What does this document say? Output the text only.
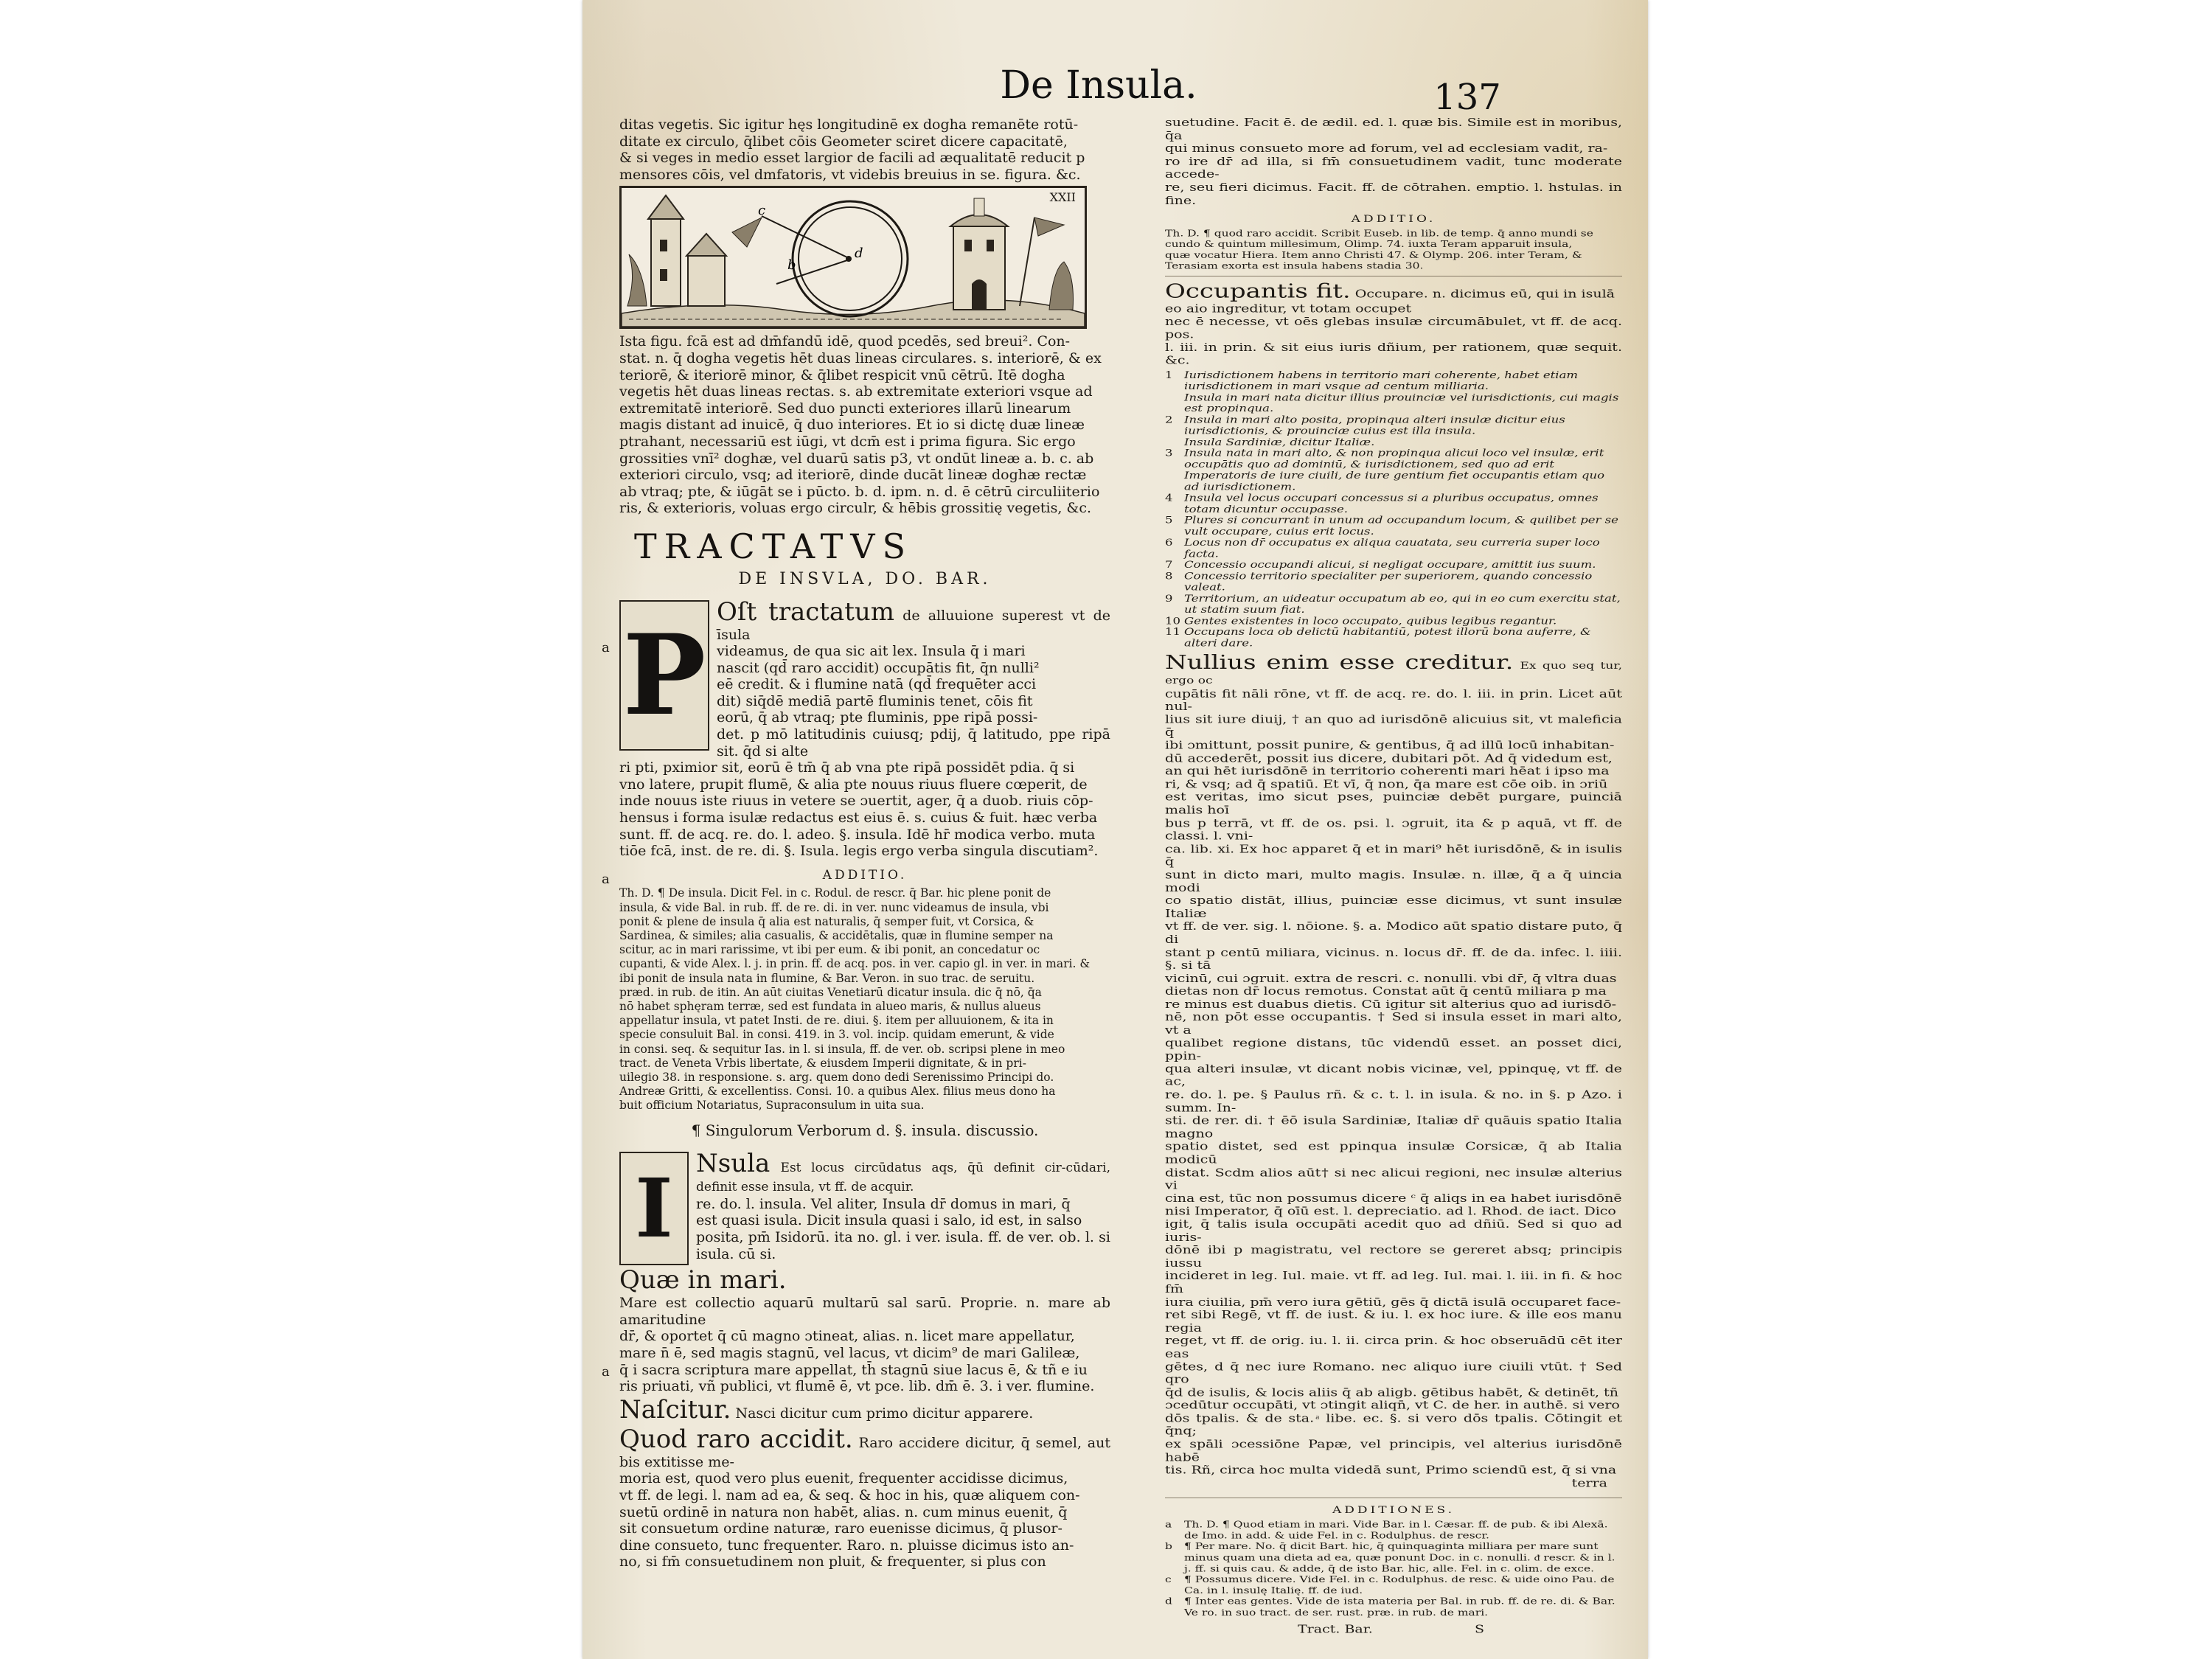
De Insula.	137
ditas vegetis. Sic igitur hęs longitudinē ex dogha remanēte rotū-
ditate ex circulo, q̄libet cōis Geometer sciret dicere capacitatē,
& si veges in medio esset largior de facili ad æqualitatē reducit p
mensores cōis, vel dmfatoris, vt videbis breuius in se. figura. &c.
XXII
c
b
d
Ista figu. fcā est ad dm̄fandū idē, quod pcedēs, sed breui². Con-
stat. n. q̄ dogha vegetis hēt duas lineas circulares. s. interiorē, & ex
teriorē, & iteriorē minor, & q̄libet respicit vnū cētrū. Itē dogha
vegetis hēt duas lineas rectas. s. ab extremitate exteriori vsque ad
extremitatē interiorē. Sed duo puncti exteriores illarū linearum
magis distant ad inuicē, q̄ duo interiores. Et io si dictę duæ lineæ
ptrahant, necessariū est iūgi, vt dcm̄ est i prima figura. Sic ergo
grossities vnī² doghæ, vel duarū satis p3, vt ondūt lineæ a. b. c. ab
exteriori circulo, vsq; ad iteriorē, dinde ducāt lineæ doghæ rectæ
ab vtraq; pte, & iūgāt se i pūcto. b. d. ipm. n. d. ē cētrū circuliiterio
ris, & exterioris, voluas ergo circulr, & hēbis grossitię vegetis, &c.
TRACTATVS
DE INSVLA, DO. BAR.
P Oſt tractatum de alluuione superest vt de īsula
videamus, de qua sic ait lex. Insula q̄ i mari
nascit (qd̄ raro accidit) occupātis fit, q̄n nulli²
eē credit. & i flumine natā (qd̄ frequēter acci
dit) siq̄dē mediā partē fluminis tenet, cōis fit
eorū, q̄ ab vtraq; pte fluminis, ppe ripā possi-
det. p mō latitudinis cuiusq; pdij, q̄ latitudo, ppe ripā sit. q̄d si alte
ri pti, pximior sit, eorū ē tm̄ q̄ ab vna pte ripā possidēt pdia. q̄ si
vno latere, prupit flumē, & alia pte nouus riuus fluere cœperit, de
inde nouus iste riuus in vetere se ɔuertit, ager, q̄ a duob. riuis cōp-
hensus i forma isulæ redactus est eius ē. s. cuius & fuit. hæc verba
sunt. ff. de acq. re. do. l. adeo. §. insula. Idē hr̄ modica verbo. muta
tiōe fcā, inst. de re. di. §. Isula. legis ergo verba singula discutiam².
ADDITIO.
Th. D. ¶ De insula. Dicit Fel. in c. Rodul. de rescr. q̄ Bar. hic plene ponit de
insula, & vide Bal. in rub. ff. de re. di. in ver. nunc videamus de insula, vbi
ponit & plene de insula q̄ alia est naturalis, q̄ semper fuit, vt Corsica, &
Sardinea, & similes; alia casualis, & accidētalis, quæ in flumine semper na
scitur, ac in mari rarissime, vt ibi per eum. & ibi ponit, an concedatur oc
cupanti, & vide Alex. l. j. in prin. ff. de acq. pos. in ver. capio gl. in ver. in mari. &
ibi ponit de insula nata in flumine, & Bar. Veron. in suo trac. de seruitu.
præd. in rub. de itin. An aūt ciuitas Venetiarū dicatur insula. dic q̄ nō, q̄a
nō habet sphęram terræ, sed est fundata in alueo maris, & nullus alueus
appellatur insula, vt patet Insti. de re. diui. §. item per alluuionem, & ita in
specie consuluit Bal. in consi. 419. in 3. vol. incip. quidam emerunt, & vide
in consi. seq. & sequitur Ias. in l. si insula, ff. de ver. ob. scripsi plene in meo
tract. de Veneta Vrbis libertate, & eiusdem Imperii dignitate, & in pri-
uilegio 38. in responsione. s. arg. quem dono dedi Serenissimo Principi do.
Andreæ Gritti, & excellentiss. Consi. 10. a quibus Alex. filius meus dono ha
buit officium Notariatus, Supraconsulum in uita sua.
¶ Singulorum Verborum d. §. insula. discussio.
I Nsula Est locus circūdatus aqs, q̄ū definit cir-cūdari, definit esse insula, vt ff. de acquir.
re. do. l. insula. Vel aliter, Insula dr̄ domus in mari, q̄
est quasi isula. Dicit insula quasi i salo, id est, in salso
posita, pm̄ Isidorū. ita no. gl. i ver. isula. ff. de ver. ob. l. si isula. cū si.
Quæ in mari.
Mare est collectio aquarū multarū sal sarū. Proprie. n. mare ab amaritudine
dr̄, & oportet q̄ cū magno ɔtineat, alias. n. licet mare appellatur,
mare n̄ ē, sed magis stagnū, vel lacus, vt dicim⁹ de mari Galileæ,
q̄ i sacra scriptura mare appellat, th̄ stagnū siue lacus ē, & tñ e iu
ris priuati, vñ publici, vt flumē ē, vt pce. lib. dm̄ ē. 3. i ver. flumine.
Naſcitur. Nasci dicitur cum primo dicitur apparere.
Quod raro accidit. Raro accidere dicitur, q̄ semel, aut bis extitisse me-
moria est, quod vero plus euenit, frequenter accidisse dicimus,
vt ff. de legi. l. nam ad ea, & seq. & hoc in his, quæ aliquem con-
suetū ordinē in natura non habēt, alias. n. cum minus euenit, q̄
sit consuetum ordine naturæ, raro euenisse dicimus, q̄ plusor-
dine consueto, tunc frequenter. Raro. n. pluisse dicimus isto an-
no, si fm̄ consuetudinem non pluit, & frequenter, si plus con
a
a
a
suetudine. Facit ē. de ædil. ed. l. quæ bis. Simile est in moribus, q̄a
qui minus consueto more ad forum, vel ad ecclesiam vadit, ra-
ro ire dr̄ ad illa, si fm̄ consuetudinem vadit, tunc moderate accede-
re, seu fieri dicimus. Facit. ff. de cōtrahen. emptio. l. hstulas. in fine.
ADDITIO.
Th. D. ¶ quod raro accidit. Scribit Euseb. in lib. de temp. q̄ anno mundi se
cundo & quintum millesimum, Olimp. 74. iuxta Teram apparuit insula,
quæ vocatur Hiera. Item anno Christi 47. & Olymp. 206. inter Teram, &
Terasiam exorta est insula habens stadia 30.
Occupantis fit. Occupare. n. dicimus eū, qui in isulā
eo aio ingreditur, vt totam occupet
nec ē necesse, vt oēs glebas insulæ circumābulet, vt ff. de acq. pos.
l. iii. in prin. & sit eius iuris dñium, per rationem, quæ sequit. &c.
1 Iurisdictionem habens in territorio mari coherente, habet etiam iurisdictionem in mari vsque ad centum milliaria.
Insula in mari nata dicitur illius prouinciæ vel iurisdictionis, cui magis est propinqua.
2 Insula in mari alto posita, propinqua alteri insulæ dicitur eius iurisdictionis, & prouinciæ cuius est illa insula.
Insula Sardiniæ, dicitur Italiæ.
3 Insula nata in mari alto, & non propinqua alicui loco vel insulæ, erit occupātis quo ad dominiū, & iurisdictionem, sed quo ad erit Imperatoris de iure ciuili, de iure gentium fiet occupantis etiam quo ad iurisdictionem.
4 Insula vel locus occupari concessus si a pluribus occupatus, omnes totam dicuntur occupasse.
5 Plures si concurrant in unum ad occupandum locum, & quilibet per se vult occupare, cuius erit locus.
6 Locus non dr̄ occupatus ex aliqua cauatata, seu curreria super loco facta.
7 Concessio occupandi alicui, si negligat occupare, amittit ius suum.
8 Concessio territorio specialiter per superiorem, quando concessio valeat.
9 Territorium, an uideatur occupatum ab eo, qui in eo cum exercitu stat, ut statim suum fiat.
10 Gentes existentes in loco occupato, quibus legibus regantur.
11 Occupans loca ob delictū habitantiū, potest illorū bona auferre, & alteri dare.
Nullius enim esse creditur. Ex quo seq tur, ergo oc
cupātis fit nāli rōne, vt ff. de acq. re. do. l. iii. in prin. Licet aūt nul-
lius sit iure diuij, † an quo ad iurisdōnē alicuius sit, vt maleficia q̄
ibi ɔmittunt, possit punire, & gentibus, q̄ ad illū locū inhabitan-
dū accederēt, possit ius dicere, dubitari pōt. Ad q̄ videdum est,
an qui hēt iurisdōnē in territorio coherenti mari hēat i ipso ma
ri, & vsq; ad q̄ spatiū. Et vī, q̄ non, q̄a mare est cōe oib. in ɔriū
est veritas, imo sicut pses, puinciæ debēt purgare, puinciā malis hoī
bus p terrā, vt ff. de os. psi. l. ɔgruit, ita & p aquā, vt ff. de classi. l. vni-
ca. lib. xi. Ex hoc apparet q̄ et in mari⁹ hēt iurisdōnē, & in isulis q̄
sunt in dicto mari, multo magis. Insulæ. n. illæ, q̄ a q̄ uincia modi
co spatio distāt, illius, puinciæ esse dicimus, vt sunt insulæ Italiæ
vt ff. de ver. sig. l. nōione. §. a. Modico aūt spatio distare puto, q̄ di
stant p centū miliara, vicinus. n. locus dr̄. ff. de da. infec. l. iiii. §. si tā
vicinū, cui ɔgruit. extra de rescri. c. nonulli. vbi dr̄, q̄ vltra duas
dietas non dr̄ locus remotus. Constat aūt q̄ centū miliara p ma
re minus est duabus dietis. Cū igitur sit alterius quo ad iurisdō-
nē, non pōt esse occupantis. † Sed si insula esset in mari alto, vt a
qualibet regione distans, tūc videndū esset. an posset dici, ppin-
qua alteri insulæ, vt dicant nobis vicinæ, vel, ppinquę, vt ff. de ac,
re. do. l. pe. § Paulus rñ. & c. t. l. in isula. & no. in §. p Azo. i summ. In-
sti. de rer. di. † ēō isula Sardiniæ, Italiæ dr̄ quāuis spatio Italia magno
spatio distet, sed est ppinqua insulæ Corsicæ, q̄ ab Italia modicū
distat. Scdm alios aūt† si nec alicui regioni, nec insulæ alterius vi
cina est, tūc non possumus dicere ᶜ q̄ aliqs in ea habet iurisdōnē
nisi Imperator, q̄ oīū est. l. depreciatio. ad l. Rhod. de iact. Dico
igit, q̄ talis isula occupāti acedit quo ad dñiū. Sed si quo ad iuris-
dōnē ibi p magistratu, vel rectore se gereret absq; principis iussu
incideret in leg. Iul. maie. vt ff. ad leg. Iul. mai. l. iii. in fi. & hoc fm̄
iura ciuilia, pm̄ vero iura gētiū, gēs q̄ dictā isulā occuparet face-
ret sibi Regē, vt ff. de iust. & iu. l. ex hoc iure. & ille eos manu regia
reget, vt ff. de orig. iu. l. ii. circa prin. & hoc obseruādū cēt iter eas
gētes, d q̄ nec iure Romano. nec aliquo iure ciuili vtūt. † Sed qro
q̄d de isulis, & locis aliis q̄ ab aligb. gētibus habēt, & detinēt, tñ
ɔcedūtur occupāti, vt ɔtingit aliqn̄, vt C. de her. in authē. si vero
dōs tpalis. & de sta. ͣ libe. ec. §. si vero dōs tpalis. Cōtingit et q̄nq;
ex spāli ɔcessiōne Papæ, vel principis, vel alterius iurisdōnē habē
tis. Rñ, circa hoc multa videdā sunt, Primo sciendū est, q̄ si vna
terra
ADDITIONES.
a Th. D. ¶ Quod etiam in mari. Vide Bar. in l. Cæsar. ff. de pub. & ibi Alexā. de Imo. in add. & uide Fel. in c. Rodulphus. de rescr.
b ¶ Per mare. No. q̄ dicit Bart. hic, q̄ quinquaginta milliara per mare sunt minus quam una dieta ad ea, quæ ponunt Doc. in c. nonulli. ᵭ rescr. & in l. j. ff. si quis cau. & adde, q̄ de isto Bar. hic, alle. Fel. in c. olim. de exce.
c ¶ Possumus dicere. Vide Fel. in c. Rodulphus. de resc. & uide oino Pau. de Ca. in l. insulę Italię. ff. de iud.
d ¶ Inter eas gentes. Vide de ista materia per Bal. in rub. ff. de re. di. & Bar. Ve ro. in suo tract. de ser. rust. præ. in rub. de mari.
Tract. Bar.	S
